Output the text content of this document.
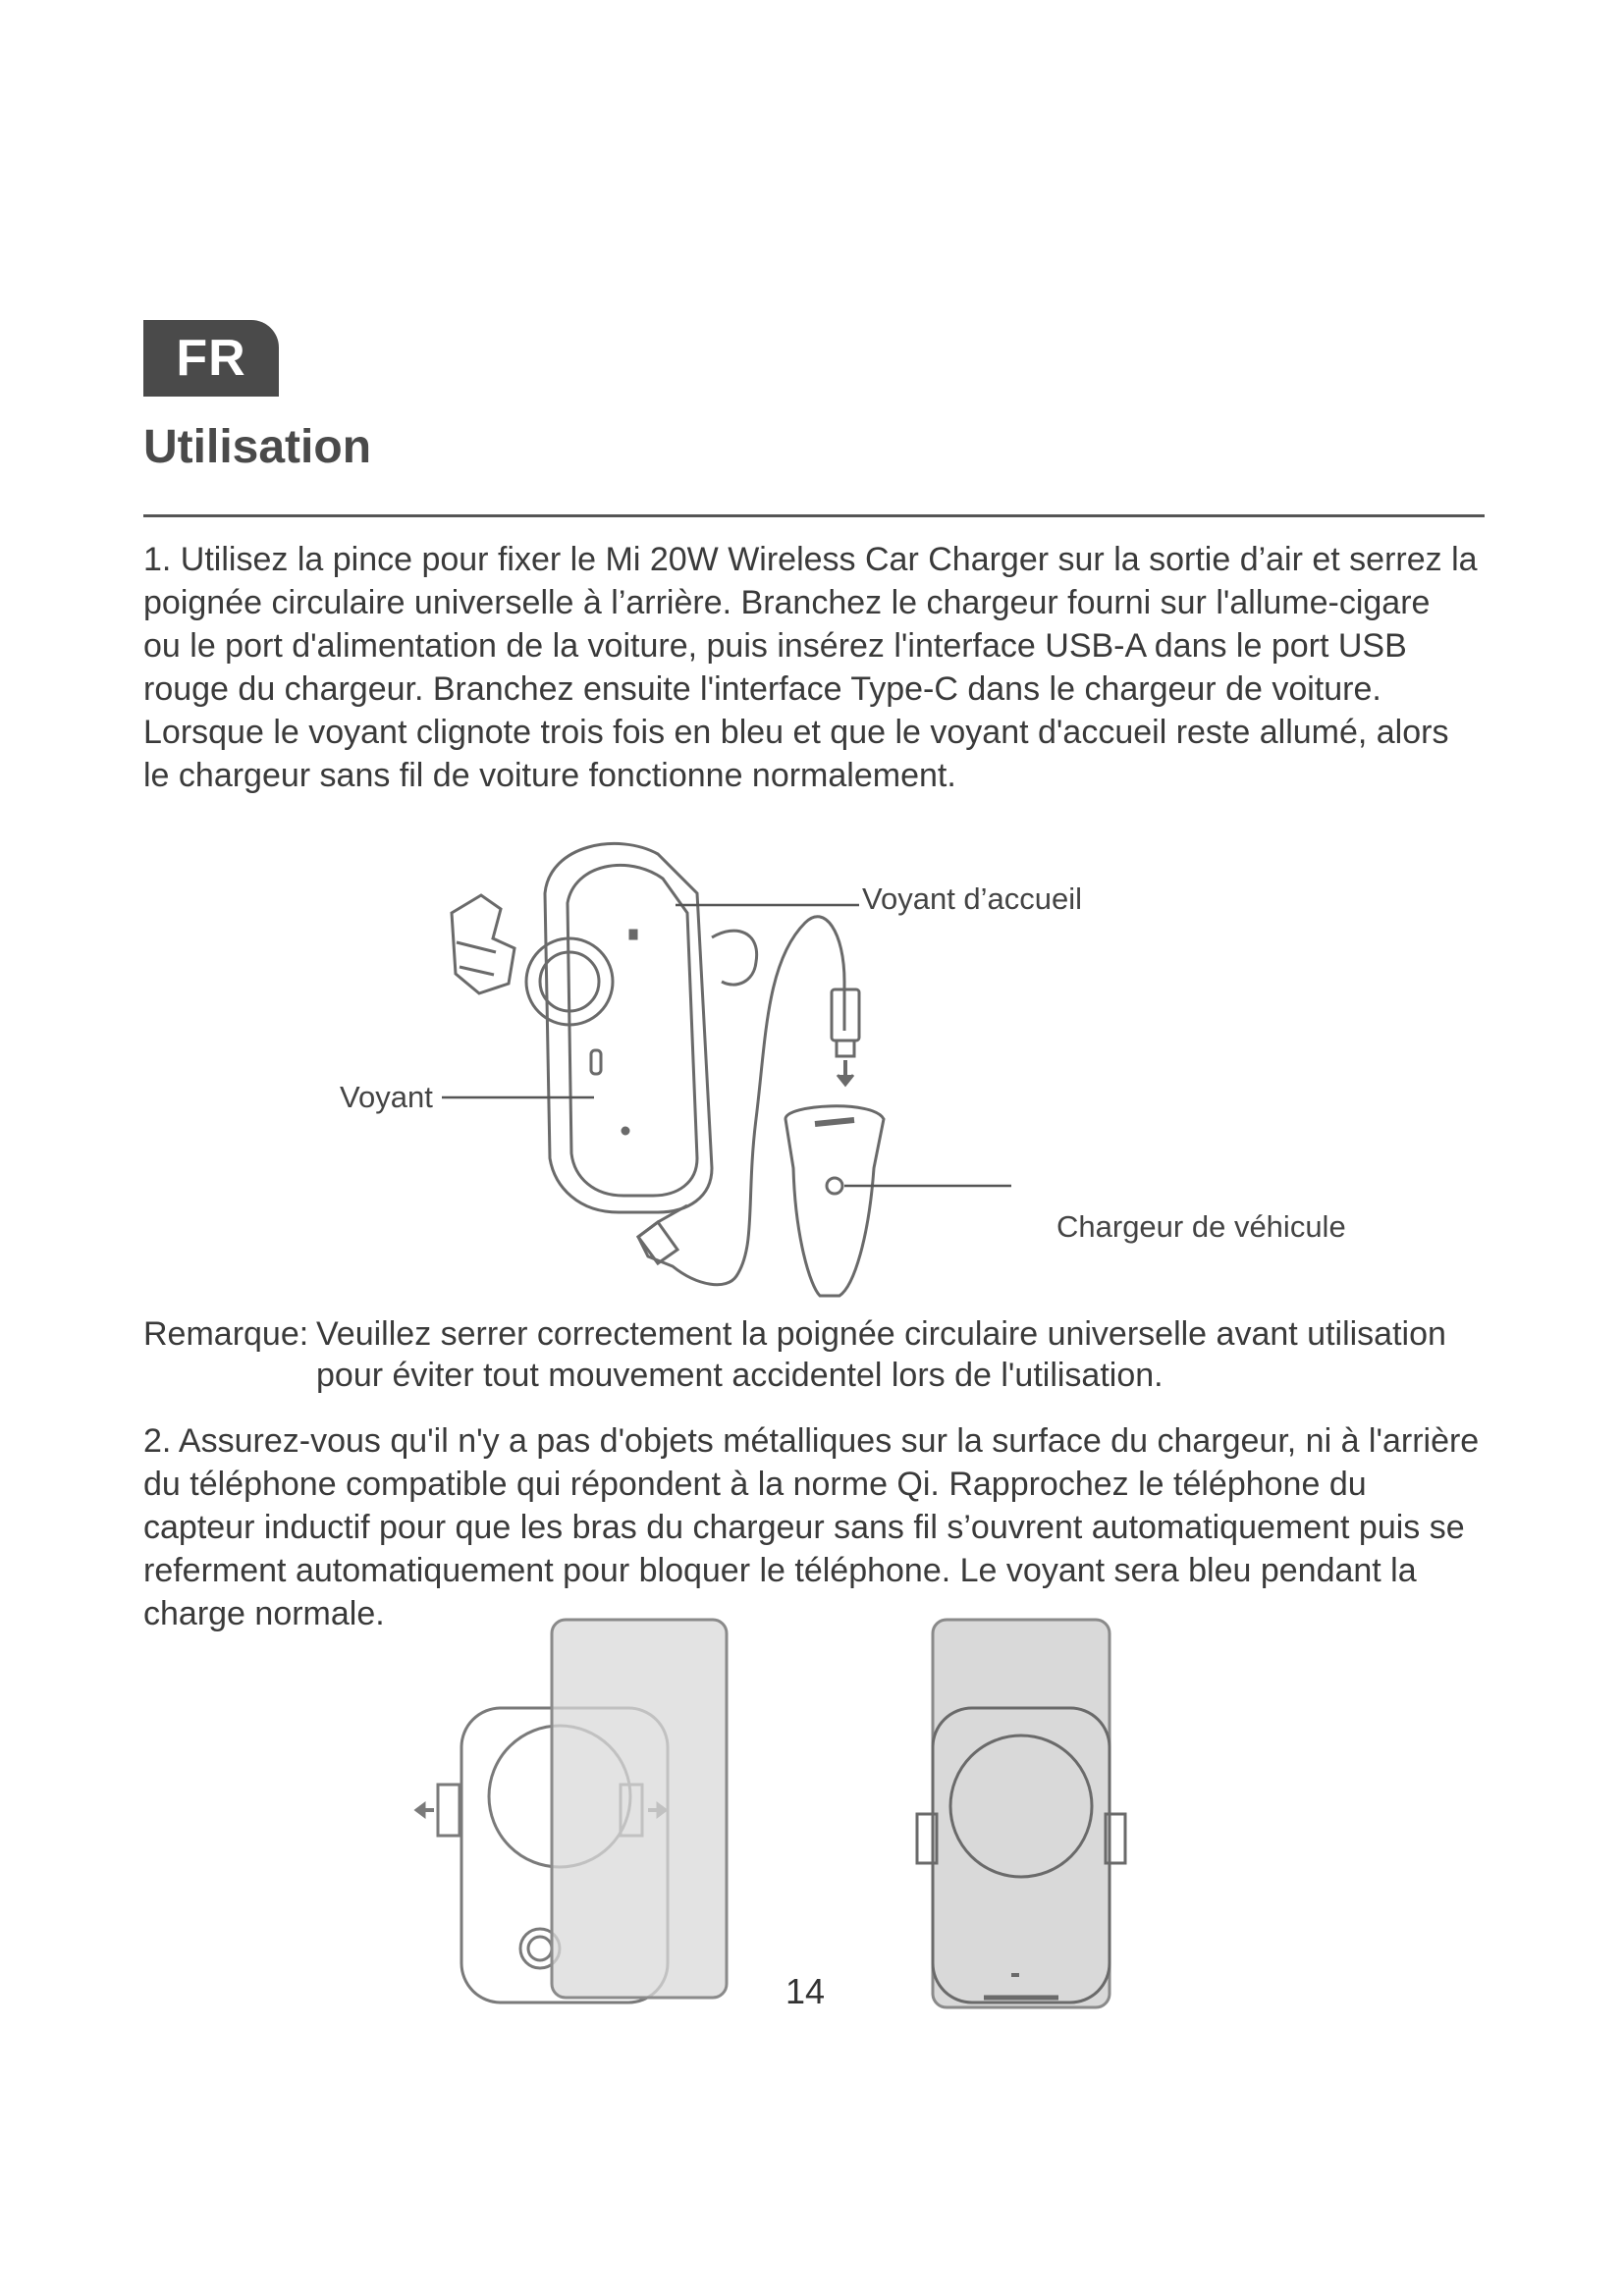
FR
Utilisation

1. Utilisez la pince pour fixer le Mi 20W Wireless Car Charger sur la sortie d’air et serrez la

poignée circulaire universelle à l’arrière. Branchez le chargeur fourni sur l'allume-cigare

ou le port d'alimentation de la voiture, puis insérez l'interface USB-A dans le port USB

rouge du chargeur. Branchez ensuite l'interface Type-C dans le chargeur de voiture.

Lorsque le voyant clignote trois fois en bleu et que le voyant d'accueil reste allumé, alors

le chargeur sans fil de voiture fonctionne normalement.

Voyant d’accueil
Voyant
Chargeur de véhicule
Remarque: Veuillez serrer correctement la poignée circulaire universelle avant utilisation
pour éviter tout mouvement accidentel lors de l'utilisation.

2. Assurez-vous qu'il n'y a pas d'objets métalliques sur la surface du chargeur, ni à l'arrière

du téléphone compatible qui répondent à la norme Qi. Rapprochez le téléphone du

capteur inductif pour que les bras du chargeur sans fil s’ouvrent automatiquement puis se

referment automatiquement pour bloquer le téléphone. Le voyant sera bleu pendant la

charge normale.

14
